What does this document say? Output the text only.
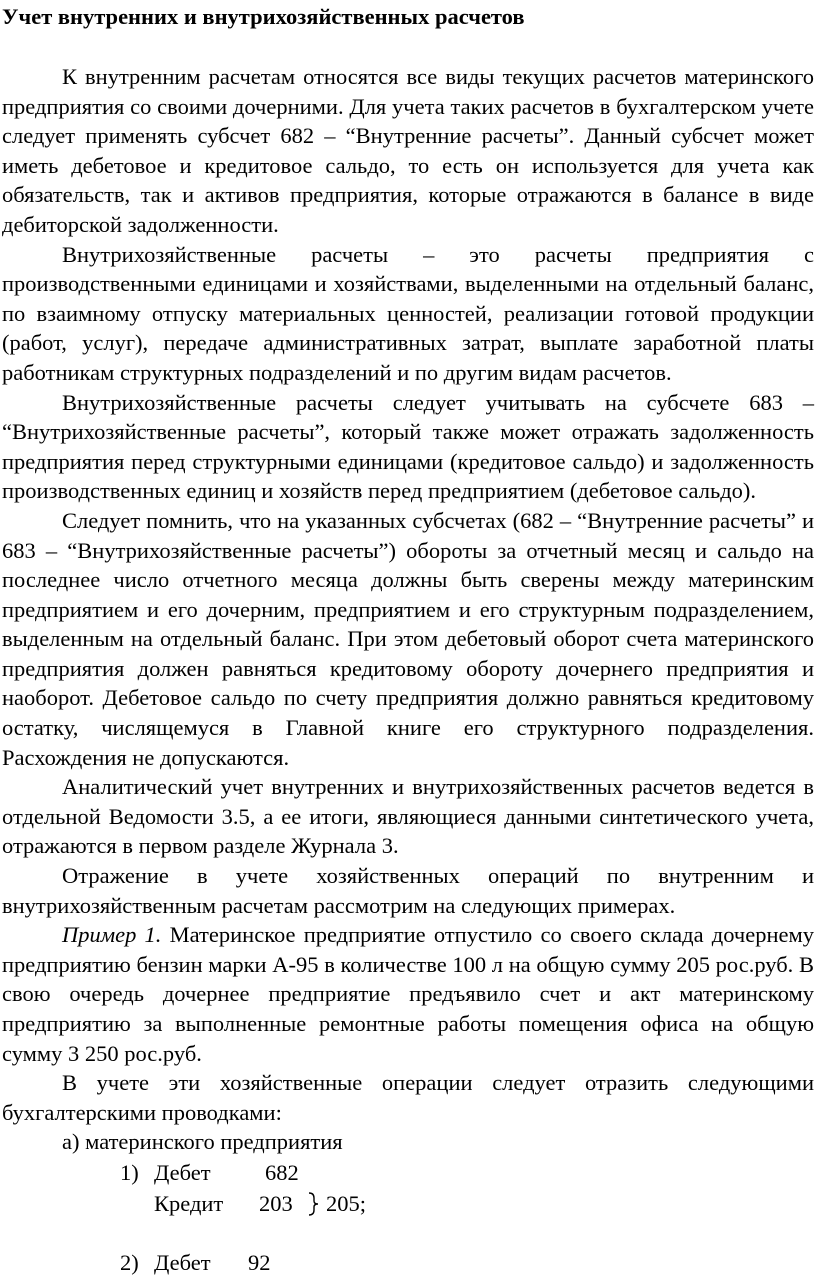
Учет внутренних и внутрихозяйственных расчетов

К внутренним расчетам относятся все виды текущих расчетов материнского предприятия со своими дочерними. Для учета таких расчетов в бухгалтерском учете следует применять субсчет 682 – “Внутренние расчеты”. Данный субсчет может иметь дебетовое и кредитовое сальдо, то есть он используется для учета как обязательств, так и активов предприятия, которые отражаются в балансе в виде дебиторской задолженности.

Внутрихозяйственные расчеты – это расчеты предприятия с производственными единицами и хозяйствами, выделенными на отдельный баланс, по взаимному отпуску материальных ценностей, реализации готовой продукции (работ, услуг), передаче административных затрат, выплате заработной платы работникам структурных подразделений и по другим видам расчетов.

Внутрихозяйственные расчеты следует учитывать на субсчете 683 – “Внутрихозяйственные расчеты”, который также может отражать задолженность предприятия перед структурными единицами (кредитовое сальдо) и задолженность производственных единиц и хозяйств перед предприятием (дебетовое сальдо).

Следует помнить, что на указанных субсчетах (682 – “Внутренние расчеты” и 683 – “Внутрихозяйственные расчеты”) обороты за отчетный месяц и сальдо на последнее число отчетного месяца должны быть сверены между материнским предприятием и его дочерним, предприятием и его структурным подразделением, выделенным на отдельный баланс. При этом дебетовый оборот счета материнского предприятия должен равняться кредитовому обороту дочернего предприятия и наоборот. Дебетовое сальдо по счету предприятия должно равняться кредитовому остатку, числящемуся в Главной книге его структурного подразделения. Расхождения не допускаются.

Аналитический учет внутренних и внутрихозяйственных расчетов ведется в отдельной Ведомости 3.5, а ее итоги, являющиеся данными синтетического учета, отражаются в первом разделе Журнала 3.

Отражение в учете хозяйственных операций по внутренним и внутрихозяйственным расчетам рассмотрим на следующих примерах.

Пример 1. Материнское предприятие отпустило со своего склада дочернему предприятию бензин марки А-95 в количестве 100 л на общую сумму 205 рос.руб. В свою очередь дочернее предприятие предъявило счет и акт материнскому предприятию за выполненные ремонтные работы помещения офиса на общую сумму 3 250 рос.руб.

В учете эти хозяйственные операции следует отразить следующими бухгалтерскими проводками:

а) материнского предприятия

1) Дебет 682
Кредит 203 205;
2) Дебет 92
